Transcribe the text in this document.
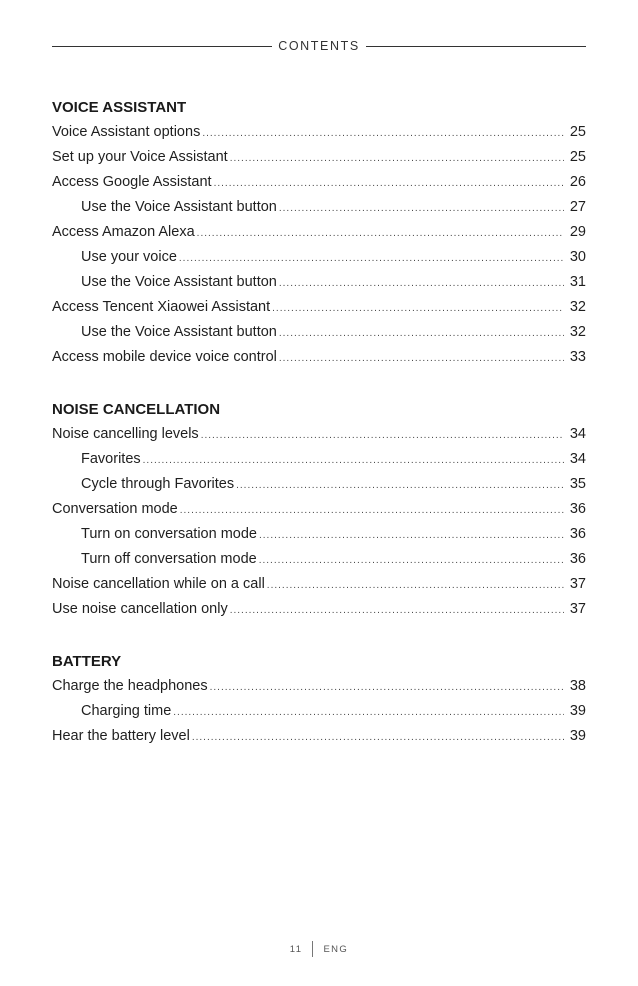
CONTENTS
VOICE ASSISTANT
Voice Assistant options .....	25
Set up your Voice Assistant .....	25
Access Google Assistant .....	26
Use the Voice Assistant button .....	27
Access Amazon Alexa .....	29
Use your voice .....	30
Use the Voice Assistant button .....	31
Access Tencent Xiaowei Assistant .....	32
Use the Voice Assistant button .....	32
Access mobile device voice control .....	33
NOISE CANCELLATION
Noise cancelling levels .....	34
Favorites .....	34
Cycle through Favorites .....	35
Conversation mode .....	36
Turn on conversation mode .....	36
Turn off conversation mode .....	36
Noise cancellation while on a call .....	37
Use noise cancellation only .....	37
BATTERY
Charge the headphones .....	38
Charging time .....	39
Hear the battery level .....	39
11 ENG
